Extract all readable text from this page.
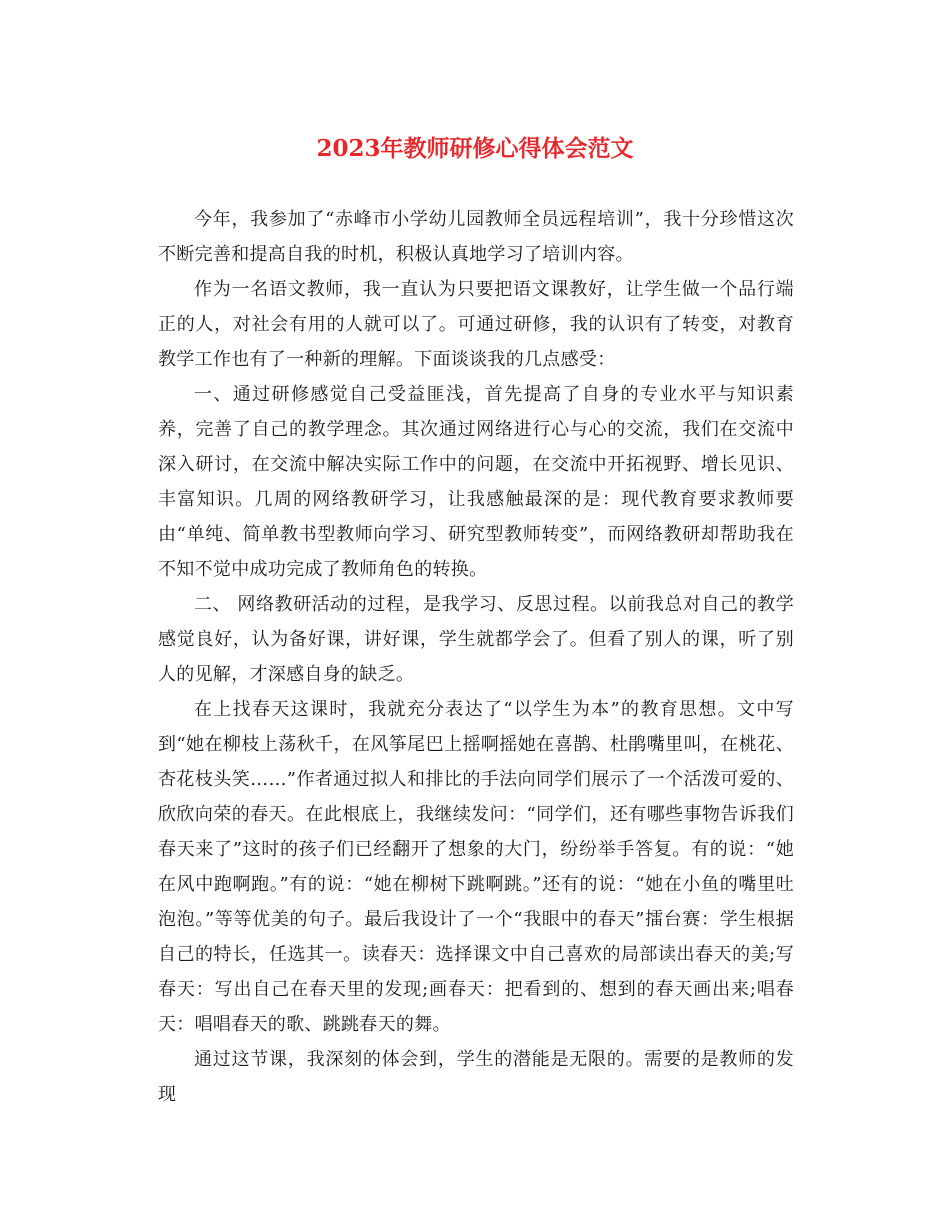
2023年教师研修心得体会范文

今年，我参加了“赤峰市小学幼儿园教师全员远程培训”，我十分珍惜这次不断完善和提高自我的时机，积极认真地学习了培训内容。

作为一名语文教师，我一直认为只要把语文课教好，让学生做一个品行端正的人，对社会有用的人就可以了。可通过研修，我的认识有了转变，对教育教学工作也有了一种新的理解。下面谈谈我的几点感受：

一、通过研修感觉自己受益匪浅，首先提高了自身的专业水平与知识素养，完善了自己的教学理念。其次通过网络进行心与心的交流，我们在交流中深入研讨，在交流中解决实际工作中的问题，在交流中开拓视野、增长见识、丰富知识。几周的网络教研学习，让我感触最深的是：现代教育要求教师要由“单纯、简单教书型教师向学习、研究型教师转变”，而网络教研却帮助我在不知不觉中成功完成了教师角色的转换。

二、 网络教研活动的过程，是我学习、反思过程。以前我总对自己的教学感觉良好，认为备好课，讲好课，学生就都学会了。但看了别人的课，听了别人的见解，才深感自身的缺乏。

在上找春天这课时，我就充分表达了“以学生为本”的教育思想。文中写到“她在柳枝上荡秋千，在风筝尾巴上摇啊摇她在喜鹊、杜鹃嘴里叫，在桃花、杏花枝头笑……”作者通过拟人和排比的手法向同学们展示了一个活泼可爱的、欣欣向荣的春天。在此根底上，我继续发问：“同学们，还有哪些事物告诉我们春天来了”这时的孩子们已经翻开了想象的大门，纷纷举手答复。有的说：“她在风中跑啊跑。”有的说：“她在柳树下跳啊跳。”还有的说：“她在小鱼的嘴里吐泡泡。”等等优美的句子。最后我设计了一个“我眼中的春天”擂台赛：学生根据自己的特长，任选其一。读春天：选择课文中自己喜欢的局部读出春天的美;写春天：写出自己在春天里的发现;画春天：把看到的、想到的春天画出来;唱春天：唱唱春天的歌、跳跳春天的舞。

通过这节课，我深刻的体会到，学生的潜能是无限的。需要的是教师的发现
